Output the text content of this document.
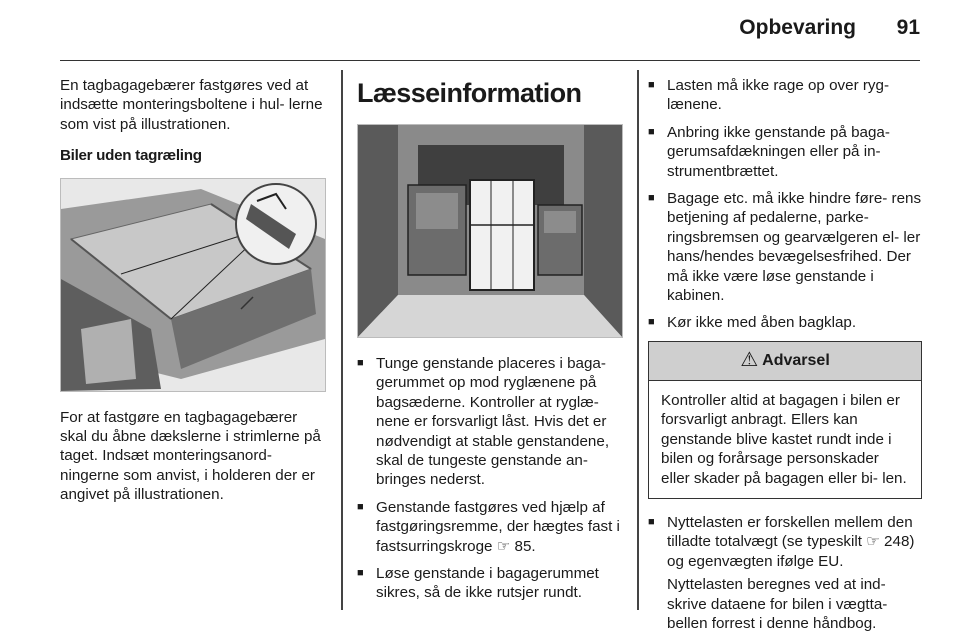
Opbevaring 91

En tagbagagebærer fastgøres ved at indsætte monteringsboltene i hul- lerne som vist på illustrationen.

Biler uden tagræling

For at fastgøre en tagbagagebærer skal du åbne dækslerne i strimlerne på taget. Indsæt monteringsanord- ningerne som anvist, i holderen der er angivet på illustrationen.

Læsseinformation
■ Tunge genstande placeres i baga- gerummet op mod ryglænene på bagsæderne. Kontroller at ryglæ- nene er forsvarligt låst. Hvis det er nødvendigt at stable genstandene, skal de tungeste genstande an- bringes nederst.
■ Genstande fastgøres ved hjælp af fastgøringsremme, der hægtes fast i fastsurringskroge ☞ 85.
■ Løse genstande i bagagerummet sikres, så de ikke rutsjer rundt.
■ Lasten må ikke rage op over ryg- lænene.
■ Anbring ikke genstande på baga- gerumsafdækningen eller på in- strumentbrættet.
■ Bagage etc. må ikke hindre føre- rens betjening af pedalerne, parke- ringsbremsen og gearvælgeren el- ler hans/hendes bevægelsesfrihed. Der må ikke være løse genstande i kabinen.
■ Kør ikke med åben bagklap.
⚠ Advarsel
Kontroller altid at bagagen i bilen er forsvarligt anbragt. Ellers kan genstande blive kastet rundt inde i bilen og forårsage personskader eller skader på bagagen eller bi- len.
■ Nyttelasten er forskellen mellem den tilladte totalvægt (se typeskilt ☞ 248) og egenvægten ifølge EU.

Nyttelasten beregnes ved at ind- skrive dataene for bilen i vægtta- bellen forrest i denne håndbog.
